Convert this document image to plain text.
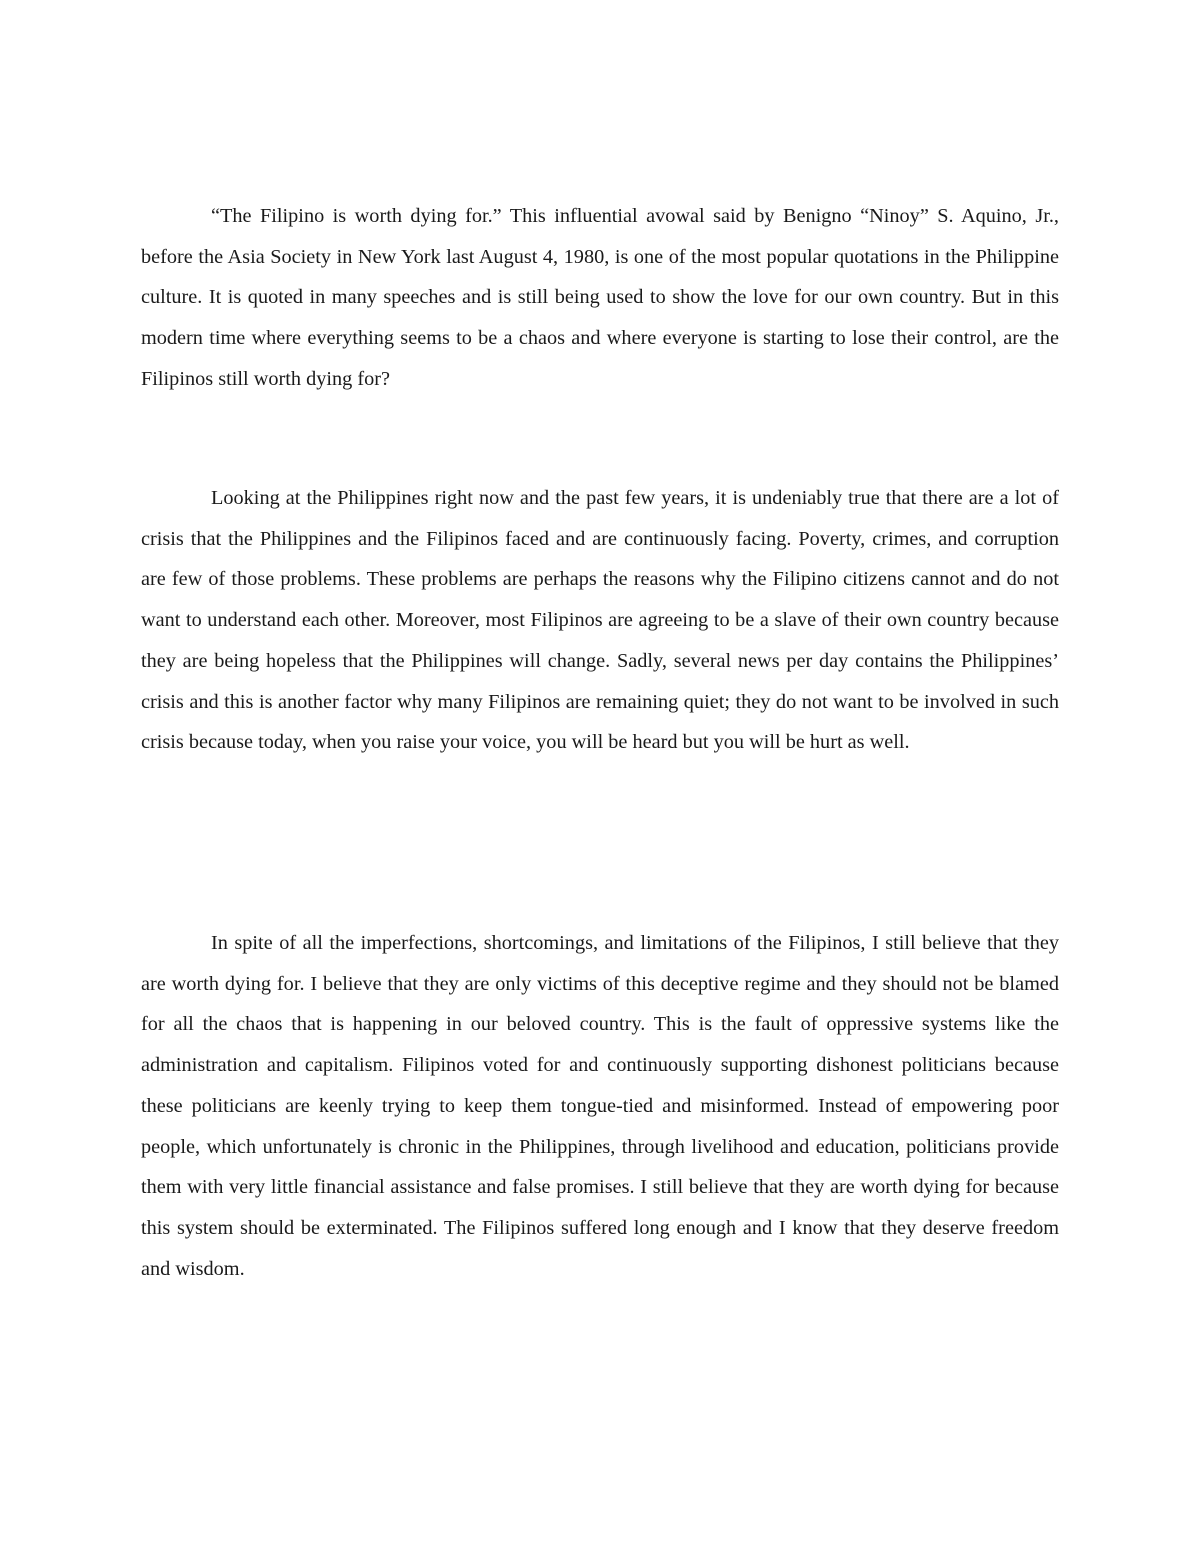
“The Filipino is worth dying for.” This influential avowal said by Benigno “Ninoy” S. Aquino, Jr., before the Asia Society in New York last August 4, 1980, is one of the most popular quotations in the Philippine culture. It is quoted in many speeches and is still being used to show the love for our own country. But in this modern time where everything seems to be a chaos and where everyone is starting to lose their control, are the Filipinos still worth dying for?

Looking at the Philippines right now and the past few years, it is undeniably true that there are a lot of crisis that the Philippines and the Filipinos faced and are continuously facing. Poverty, crimes, and corruption are few of those problems. These problems are perhaps the reasons why the Filipino citizens cannot and do not want to understand each other. Moreover, most Filipinos are agreeing to be a slave of their own country because they are being hopeless that the Philippines will change. Sadly, several news per day contains the Philippines’ crisis and this is another factor why many Filipinos are remaining quiet; they do not want to be involved in such crisis because today, when you raise your voice, you will be heard but you will be hurt as well.

In spite of all the imperfections, shortcomings, and limitations of the Filipinos, I still believe that they are worth dying for. I believe that they are only victims of this deceptive regime and they should not be blamed for all the chaos that is happening in our beloved country. This is the fault of oppressive systems like the administration and capitalism. Filipinos voted for and continuously supporting dishonest politicians because these politicians are keenly trying to keep them tongue-tied and misinformed. Instead of empowering poor people, which unfortunately is chronic in the Philippines, through livelihood and education, politicians provide them with very little financial assistance and false promises. I still believe that they are worth dying for because this system should be exterminated. The Filipinos suffered long enough and I know that they deserve freedom and wisdom.
